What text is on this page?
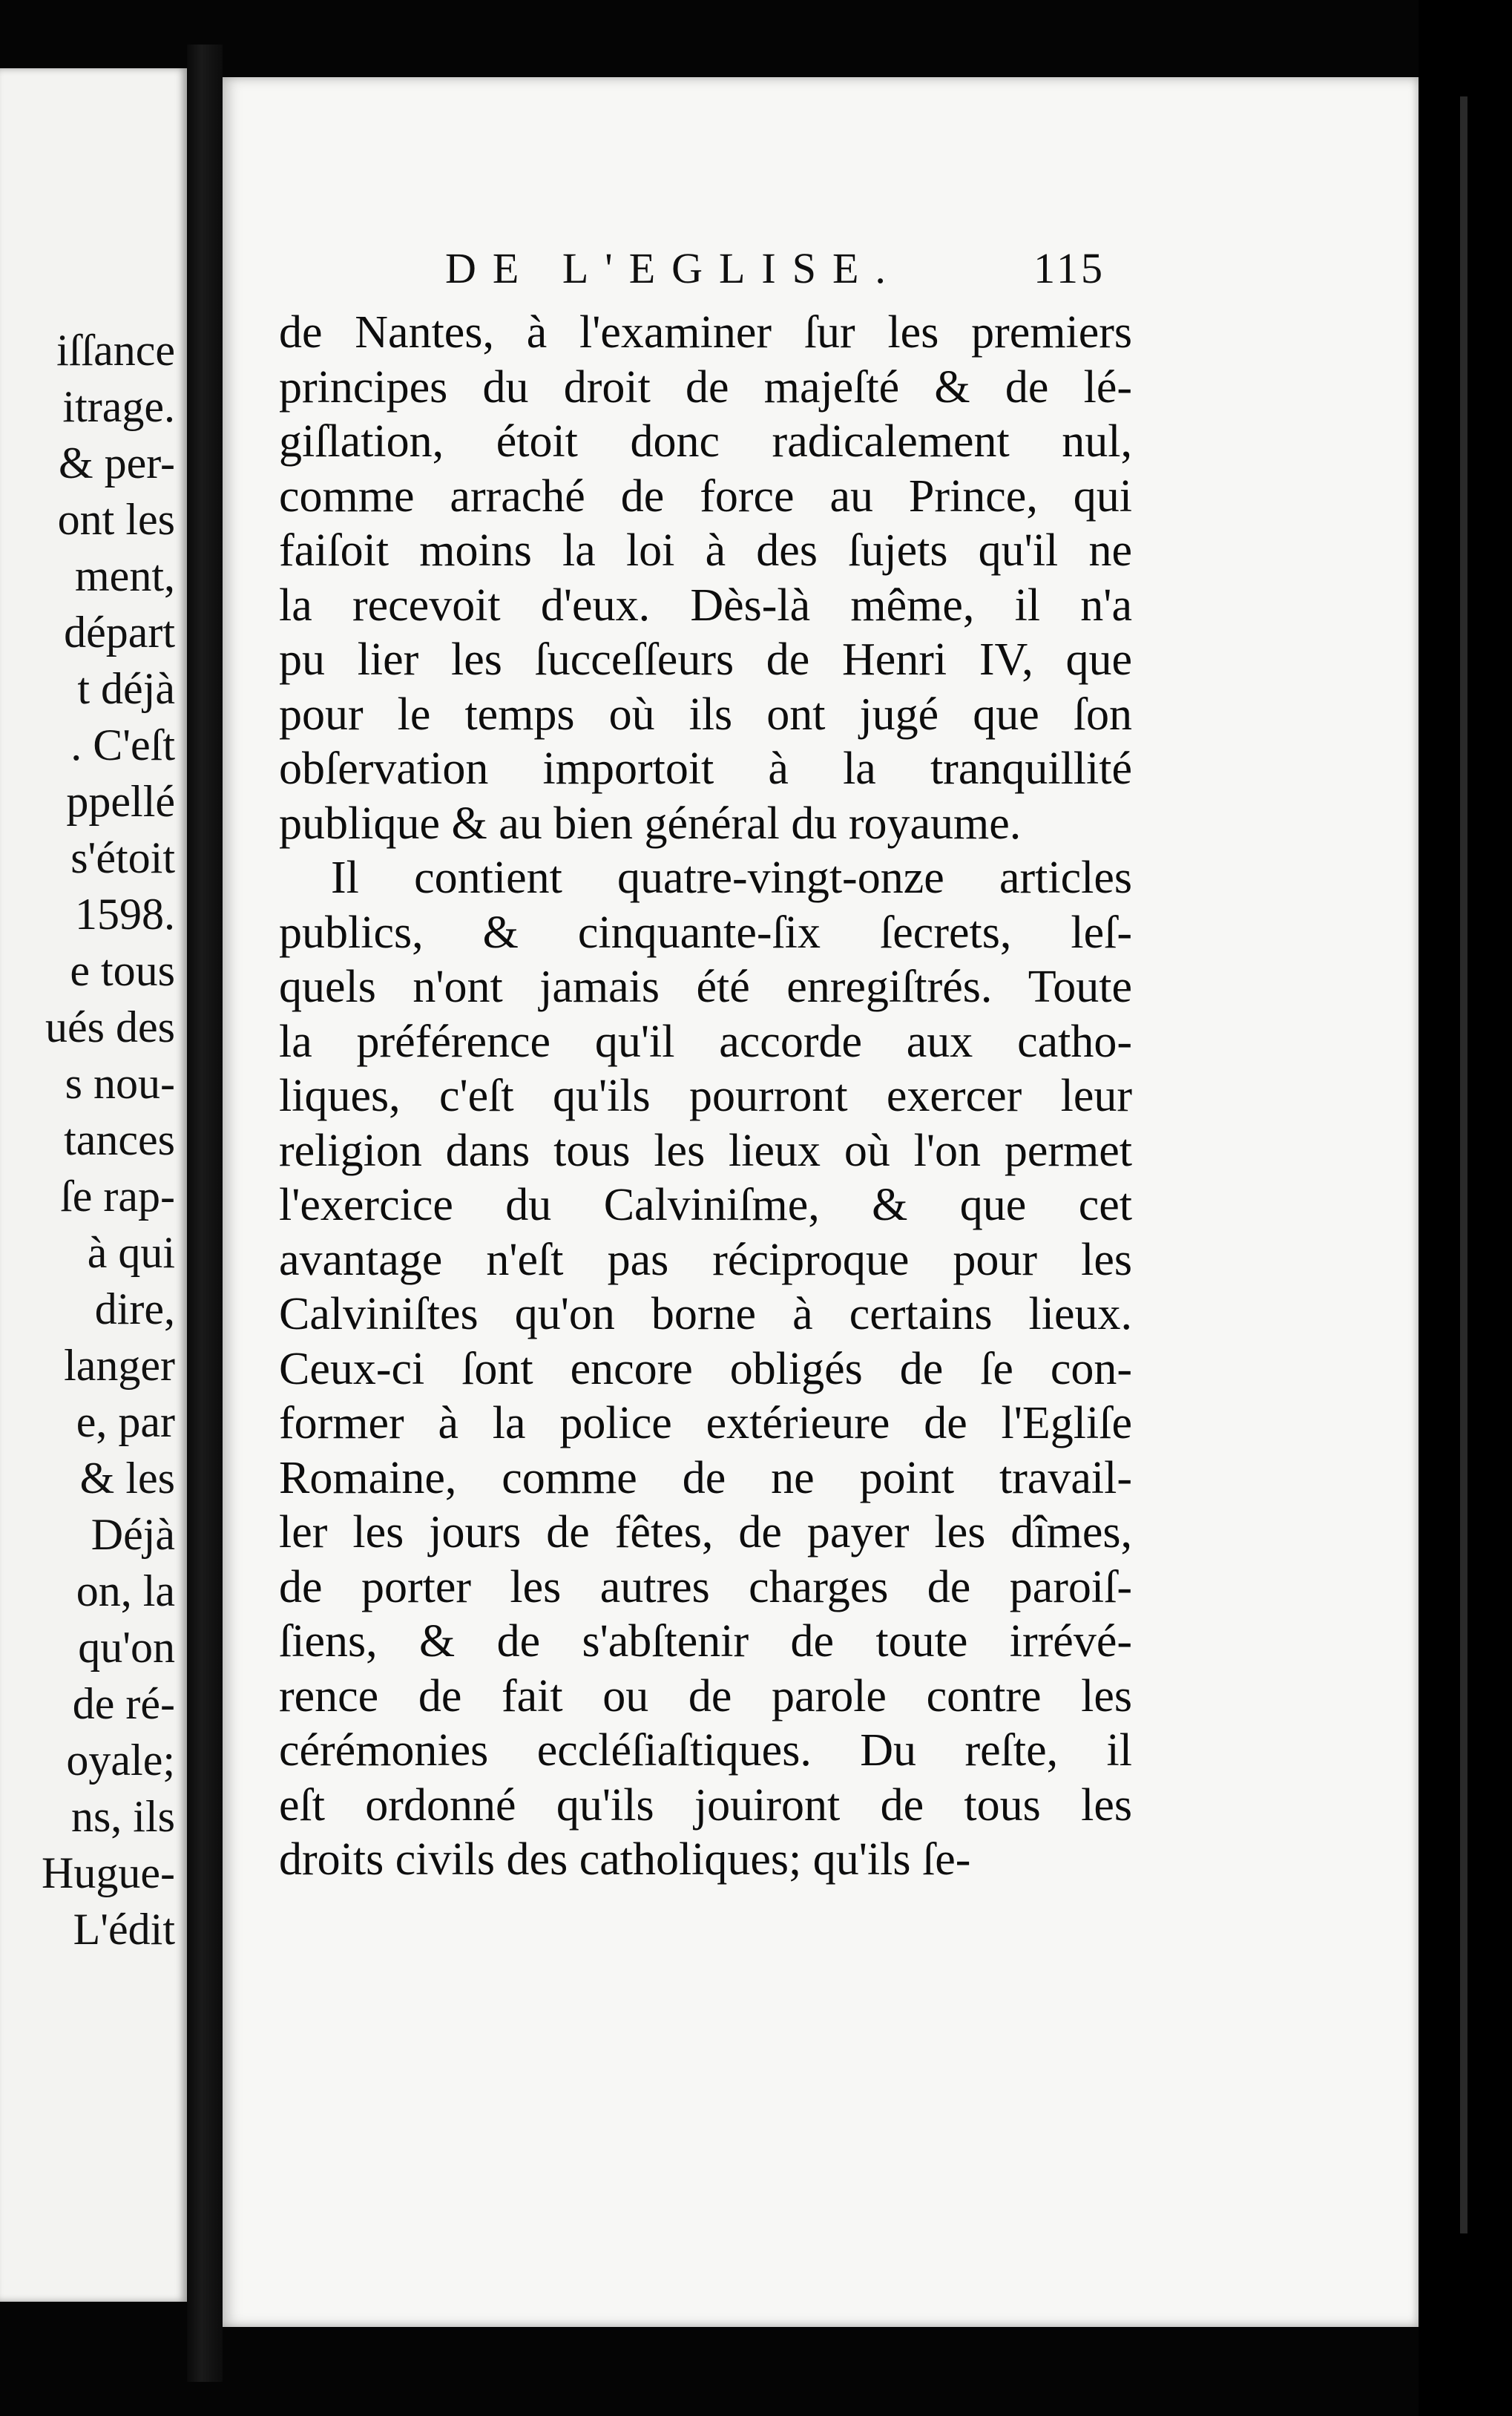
iſſance
itrage.
& per-
ont les
ment,
départ
t déjà
. C'eſt
ppellé
s'étoit
1598.
e tous
ués des
s nou-
tances
ſe rap-
à qui
dire,
langer
e, par
& les
Déjà
on, la
qu'on
de ré-
oyale;
ns, ils
Hugue-
L'édit
DE L'EGLISE.	115
de Nantes, à l'examiner ſur les premiers
principes du droit de majeſté & de lé-
giſlation, étoit donc radicalement nul,
comme arraché de force au Prince, qui
faiſoit moins la loi à des ſujets qu'il ne
la recevoit d'eux. Dès-là même, il n'a
pu lier les ſucceſſeurs de Henri IV, que
pour le temps où ils ont jugé que ſon
obſervation importoit à la tranquillité
publique & au bien général du royaume.
Il contient quatre-vingt-onze articles
publics, & cinquante-ſix ſecrets, leſ-
quels n'ont jamais été enregiſtrés. Toute
la préférence qu'il accorde aux catho-
liques, c'eſt qu'ils pourront exercer leur
religion dans tous les lieux où l'on permet
l'exercice du Calviniſme, & que cet
avantage n'eſt pas réciproque pour les
Calviniſtes qu'on borne à certains lieux.
Ceux-ci ſont encore obligés de ſe con-
former à la police extérieure de l'Egliſe
Romaine, comme de ne point travail-
ler les jours de fêtes, de payer les dîmes,
de porter les autres charges de paroiſ-
ſiens, & de s'abſtenir de toute irrévé-
rence de fait ou de parole contre les
cérémonies eccléſiaſtiques. Du reſte, il
eſt ordonné qu'ils jouiront de tous les
droits civils des catholiques; qu'ils ſe-
